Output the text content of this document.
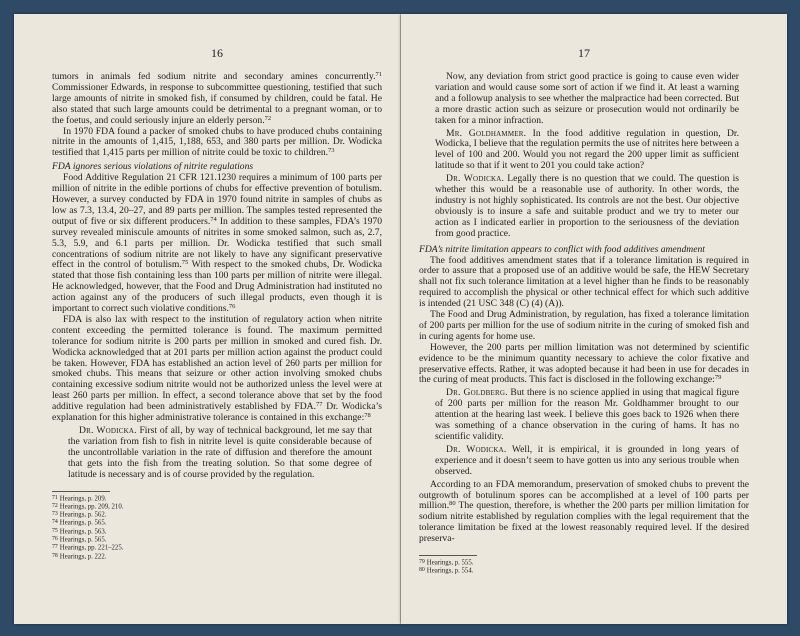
16

tumors in animals fed sodium nitrite and secondary amines concurrently.$^{71}$ Commissioner Edwards, in response to subcommittee questioning, testified that such large amounts of nitrite in smoked fish, if consumed by children, could be fatal. He also stated that such large amounts could be detrimental to a pregnant woman, or to the foetus, and could seriously injure an elderly person.$^{72}$

In 1970 FDA found a packer of smoked chubs to have produced chubs containing nitrite in the amounts of 1,415, 1,188, 653, and 380 parts per million. Dr. Wodicka testified that 1,415 parts per million of nitrite could be toxic to children.$^{73}$

FDA ignores serious violations of nitrite regulations

Food Additive Regulation 21 CFR 121.1230 requires a minimum of 100 parts per million of nitrite in the edible portions of chubs for effective prevention of botulism. However, a survey conducted by FDA in 1970 found nitrite in samples of chubs as low as 7.3, 13.4, 20–27, and 89 parts per million. The samples tested represented the output of five or six different producers.$^{74}$ In addition to these samples, FDA’s 1970 survey revealed miniscule amounts of nitrites in some smoked salmon, such as, 2.7, 5.3, 5.9, and 6.1 parts per million. Dr. Wodicka testified that such small concentrations of sodium nitrite are not likely to have any significant preservative effect in the control of botulism.$^{75}$ With respect to the smoked chubs, Dr. Wodicka stated that those fish containing less than 100 parts per million of nitrite were illegal. He acknowledged, however, that the Food and Drug Administration had instituted no action against any of the producers of such illegal products, even though it is important to correct such violative conditions.$^{76}$

FDA is also lax with respect to the institution of regulatory action when nitrite content exceeding the permitted tolerance is found. The maximum permitted tolerance for sodium nitrite is 200 parts per million in smoked and cured fish. Dr. Wodicka acknowledged that at 201 parts per million action against the product could be taken. However, FDA has established an action level of 260 parts per million for smoked chubs. This means that seizure or other action involving smoked chubs containing excessive sodium nitrite would not be authorized unless the level were at least 260 parts per million. In effect, a second tolerance above that set by the food additive regulation had been administratively established by FDA.$^{77}$ Dr. Wodicka’s explanation for this higher administrative tolerance is contained in this exchange:$^{78}$

Dr. Wodicka. First of all, by way of technical background, let me say that the variation from fish to fish in nitrite level is quite considerable because of the uncontrollable variation in the rate of diffusion and therefore the amount that gets into the fish from the treating solution. So that some degree of latitude is necessary and is of course provided by the regulation.

71 Hearings, p. 209.

72 Hearings, pp. 209, 210.

73 Hearings, p. 562.

74 Hearings, p. 565.

75 Hearings, p. 563.

76 Hearings, p. 565.

77 Hearings, pp. 221–225.

78 Hearings, p. 222.

17

Now, any deviation from strict good practice is going to cause even wider variation and would cause some sort of action if we find it. At least a warning and a followup analysis to see whether the malpractice had been corrected. But a more drastic action such as seizure or prosecution would not ordinarily be taken for a minor infraction.

Mr. Goldhammer. In the food additive regulation in question, Dr. Wodicka, I believe that the regulation permits the use of nitrites here between a level of 100 and 200. Would you not regard the 200 upper limit as sufficient latitude so that if it went to 201 you could take action?

Dr. Wodicka. Legally there is no question that we could. The question is whether this would be a reasonable use of authority. In other words, the industry is not highly sophisticated. Its controls are not the best. Our objective obviously is to insure a safe and suitable product and we try to meter our action as I indicated earlier in proportion to the seriousness of the deviation from good practice.

FDA’s nitrite limitation appears to conflict with food additives amendment

The food additives amendment states that if a tolerance limitation is required in order to assure that a proposed use of an additive would be safe, the HEW Secretary shall not fix such tolerance limitation at a level higher than he finds to be reasonably required to accomplish the physical or other technical effect for which such additive is intended (21 USC 348 (C) (4) (A)).

The Food and Drug Administration, by regulation, has fixed a tolerance limitation of 200 parts per million for the use of sodium nitrite in the curing of smoked fish and in curing agents for home use.

However, the 200 parts per million limitation was not determined by scientific evidence to be the minimum quantity necessary to achieve the color fixative and preservative effects. Rather, it was adopted because it had been in use for decades in the curing of meat products. This fact is disclosed in the following exchange:$^{79}$

Dr. Goldberg. But there is no science applied in using that magical figure of 200 parts per million for the reason Mr. Goldhammer brought to our attention at the hearing last week. I believe this goes back to 1926 when there was something of a chance observation in the curing of hams. It has no scientific validity.

Dr. Wodicka. Well, it is empirical, it is grounded in long years of experience and it doesn’t seem to have gotten us into any serious trouble when observed.

According to an FDA memorandum, preservation of smoked chubs to prevent the outgrowth of botulinum spores can be accomplished at a level of 100 parts per million.$^{80}$ The question, therefore, is whether the 200 parts per million limitation for sodium nitrite established by regulation complies with the legal requirement that the tolerance limitation be fixed at the lowest reasonably required level. If the desired preserva-

79 Hearings, p. 555.

80 Hearings, p. 554.
